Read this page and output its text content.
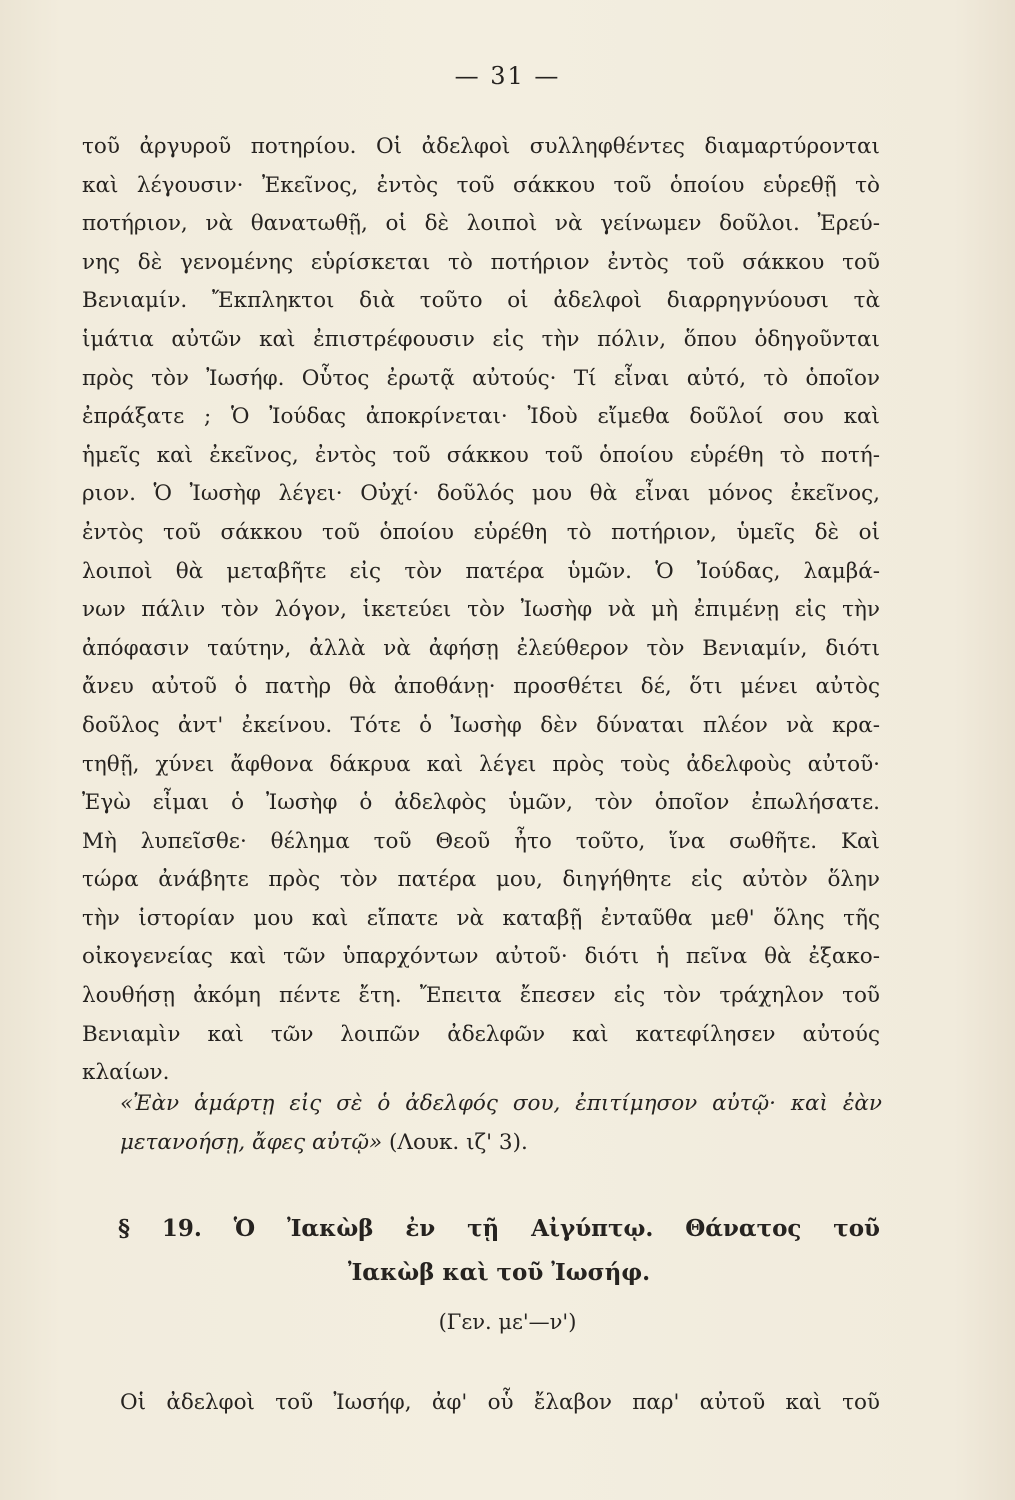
— 31 —
τοῦ ἀργυροῦ ποτηρίου. Οἱ ἀδελφοὶ συλληφθέντες διαμαρτύρονται
καὶ λέγουσιν· Ἐκεῖνος, ἐντὸς τοῦ σάκκου τοῦ ὁποίου εὑρεθῇ τὸ
ποτήριον, νὰ θανατωθῇ, οἱ δὲ λοιποὶ νὰ γείνωμεν δοῦλοι. Ἐρεύ-
νης δὲ γενομένης εὑρίσκεται τὸ ποτήριον ἐντὸς τοῦ σάκκου τοῦ
Βενιαμίν. Ἔκπληκτοι διὰ τοῦτο οἱ ἀδελφοὶ διαρρηγνύουσι τὰ
ἱμάτια αὐτῶν καὶ ἐπιστρέφουσιν εἰς τὴν πόλιν, ὅπου ὁδηγοῦνται
πρὸς τὸν Ἰωσήφ. Οὗτος ἐρωτᾷ αὐτούς· Τί εἶναι αὐτό, τὸ ὁποῖον
ἐπράξατε ; Ὁ Ἰούδας ἀποκρίνεται· Ἰδοὺ εἴμεθα δοῦλοί σου καὶ
ἡμεῖς καὶ ἐκεῖνος, ἐντὸς τοῦ σάκκου τοῦ ὁποίου εὑρέθη τὸ ποτή-
ριον. Ὁ Ἰωσὴφ λέγει· Οὐχί· δοῦλός μου θὰ εἶναι μόνος ἐκεῖνος,
ἐντὸς τοῦ σάκκου τοῦ ὁποίου εὑρέθη τὸ ποτήριον, ὑμεῖς δὲ οἱ
λοιποὶ θὰ μεταβῆτε εἰς τὸν πατέρα ὑμῶν. Ὁ Ἰούδας, λαμβά-
νων πάλιν τὸν λόγον, ἱκετεύει τὸν Ἰωσὴφ νὰ μὴ ἐπιμένῃ εἰς τὴν
ἀπόφασιν ταύτην, ἀλλὰ νὰ ἀφήσῃ ἐλεύθερον τὸν Βενιαμίν, διότι
ἄνευ αὐτοῦ ὁ πατὴρ θὰ ἀποθάνῃ· προσθέτει δέ, ὅτι μένει αὐτὸς
δοῦλος ἀντ' ἐκείνου. Τότε ὁ Ἰωσὴφ δὲν δύναται πλέον νὰ κρα-
τηθῇ, χύνει ἄφθονα δάκρυα καὶ λέγει πρὸς τοὺς ἀδελφοὺς αὐτοῦ·
Ἐγὼ εἶμαι ὁ Ἰωσὴφ ὁ ἀδελφὸς ὑμῶν, τὸν ὁποῖον ἐπωλήσατε.
Μὴ λυπεῖσθε· θέλημα τοῦ Θεοῦ ἦτο τοῦτο, ἵνα σωθῆτε. Καὶ
τώρα ἀνάβητε πρὸς τὸν πατέρα μου, διηγήθητε εἰς αὐτὸν ὅλην
τὴν ἱστορίαν μου καὶ εἴπατε νὰ καταβῇ ἐνταῦθα μεθ' ὅλης τῆς
οἰκογενείας καὶ τῶν ὑπαρχόντων αὐτοῦ· διότι ἡ πεῖνα θὰ ἐξακο-
λουθήσῃ ἀκόμη πέντε ἔτη. Ἔπειτα ἔπεσεν εἰς τὸν τράχηλον τοῦ
Βενιαμὶν καὶ τῶν λοιπῶν ἀδελφῶν καὶ κατεφίλησεν αὐτούς
κλαίων.
«Ἐὰν ἁμάρτῃ εἰς σὲ ὁ ἀδελφός σου, ἐπιτίμησον αὐτῷ· καὶ ἐὰν
μετανοήσῃ, ἄφες αὐτῷ» (Λουκ. ιζ' 3).
§ 19. Ὁ Ἰακὼβ ἐν τῇ Αἰγύπτῳ. Θάνατος τοῦ
Ἰακὼβ καὶ τοῦ Ἰωσήφ.
(Γεν. με'—ν')
Οἱ ἀδελφοὶ τοῦ Ἰωσήφ, ἀφ' οὗ ἔλαβον παρ' αὐτοῦ καὶ τοῦ
